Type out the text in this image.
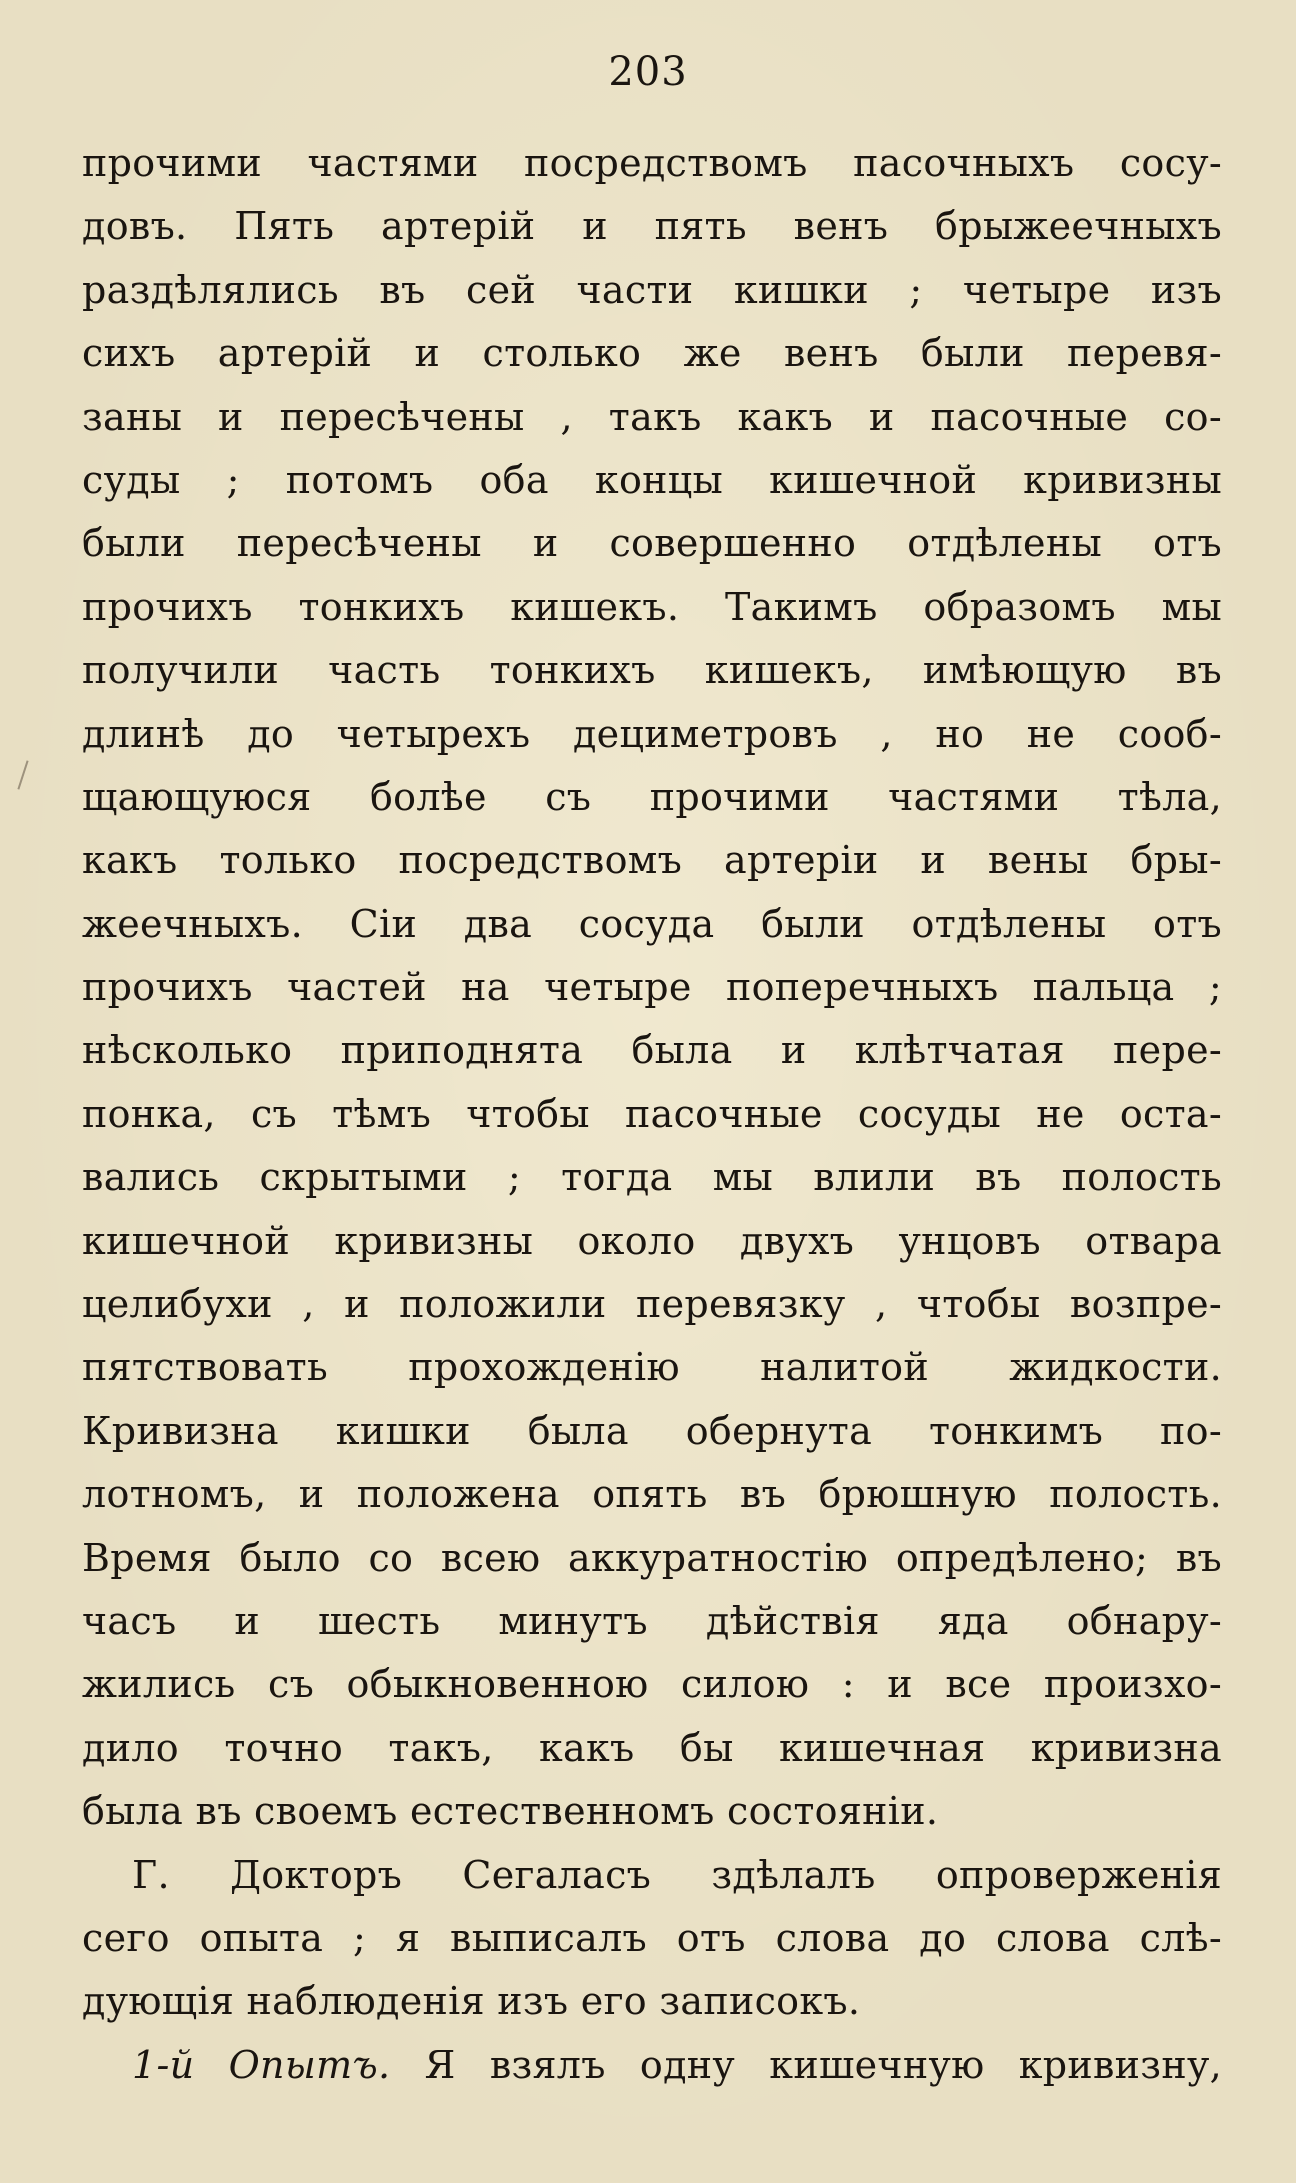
203
прочими частями посредствомъ пасочныхъ сосу-
довъ. Пять артерій и пять венъ брыжеечныхъ
раздѣлялись въ сей части кишки ; четыре изъ
сихъ артерій и столько же венъ были перевя-
заны и пересѣчены , такъ какъ и пасочные со-
суды ; потомъ оба концы кишечной кривизны
были пересѣчены и совершенно отдѣлены отъ
прочихъ тонкихъ кишекъ. Такимъ образомъ мы
получили часть тонкихъ кишекъ, имѣющую въ
длинѣ до четырехъ дециметровъ , но не сооб-
щающуюся болѣе съ прочими частями тѣла,
какъ только посредствомъ артеріи и вены бры-
жеечныхъ. Сіи два сосуда были отдѣлены отъ
прочихъ частей на четыре поперечныхъ пальца ;
нѣсколько приподнята была и клѣтчатая пере-
понка, съ тѣмъ чтобы пасочные сосуды не оста-
вались скрытыми ; тогда мы влили въ полость
кишечной кривизны около двухъ унцовъ отвара
целибухи , и положили перевязку , чтобы возпре-
пятствовать прохожденію налитой жидкости.
Кривизна кишки была обернута тонкимъ по-
лотномъ, и положена опять въ брюшную полость.
Время было со всею аккуратностію опредѣлено; въ
часъ и шесть минутъ дѣйствія яда обнару-
жились съ обыкновенною силою : и все произхо-
дило точно такъ, какъ бы кишечная кривизна
была въ своемъ естественномъ состояніи.
Г. Докторъ Сегаласъ здѣлалъ опроверженія
сего опыта ; я выписалъ отъ слова до слова слѣ-
дующія наблюденія изъ его записокъ.
1-й Опытъ. Я взялъ одну кишечную кривизну,
